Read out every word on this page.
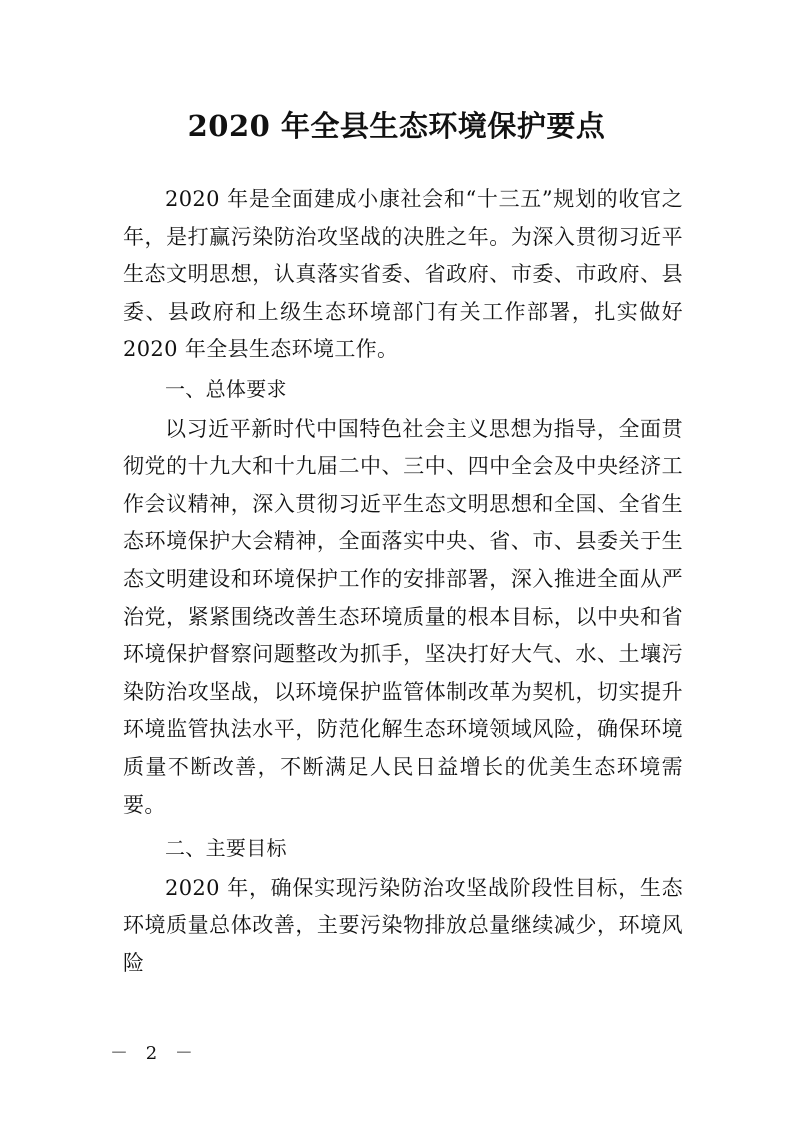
2020 年全县生态环境保护要点

2020 年是全面建成小康社会和“十三五”规划的收官之年，是打赢污染防治攻坚战的决胜之年。为深入贯彻习近平生态文明思想，认真落实省委、省政府、市委、市政府、县委、县政府和上级生态环境部门有关工作部署，扎实做好2020 年全县生态环境工作。

一、总体要求

以习近平新时代中国特色社会主义思想为指导，全面贯彻党的十九大和十九届二中、三中、四中全会及中央经济工作会议精神，深入贯彻习近平生态文明思想和全国、全省生态环境保护大会精神，全面落实中央、省、市、县委关于生态文明建设和环境保护工作的安排部署，深入推进全面从严治党，紧紧围绕改善生态环境质量的根本目标，以中央和省环境保护督察问题整改为抓手，坚决打好大气、水、土壤污染防治攻坚战，以环境保护监管体制改革为契机，切实提升环境监管执法水平，防范化解生态环境领域风险，确保环境质量不断改善，不断满足人民日益增长的优美生态环境需要。

二、主要目标

2020 年，确保实现污染防治攻坚战阶段性目标，生态环境质量总体改善，主要污染物排放总量继续减少，环境风险

－ 2 －
